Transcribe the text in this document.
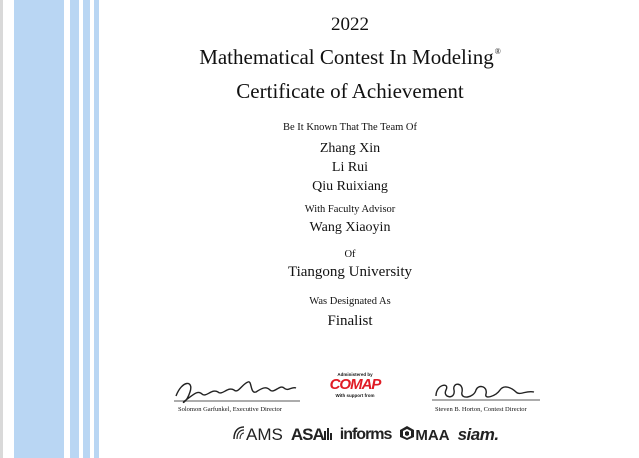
2022
Mathematical Contest In Modeling®
Certificate of Achievement
Be It Known That The Team Of
Zhang Xin
Li Rui
Qiu Ruixiang
With Faculty Advisor
Wang Xiaoyin
Of
Tiangong University
Was Designated As
Finalist
Solomon Garfunkel, Executive Director
Administered by
COMAP
With support from
Steven B. Horton, Contest Director
AMS ASA informs MAA siam.
